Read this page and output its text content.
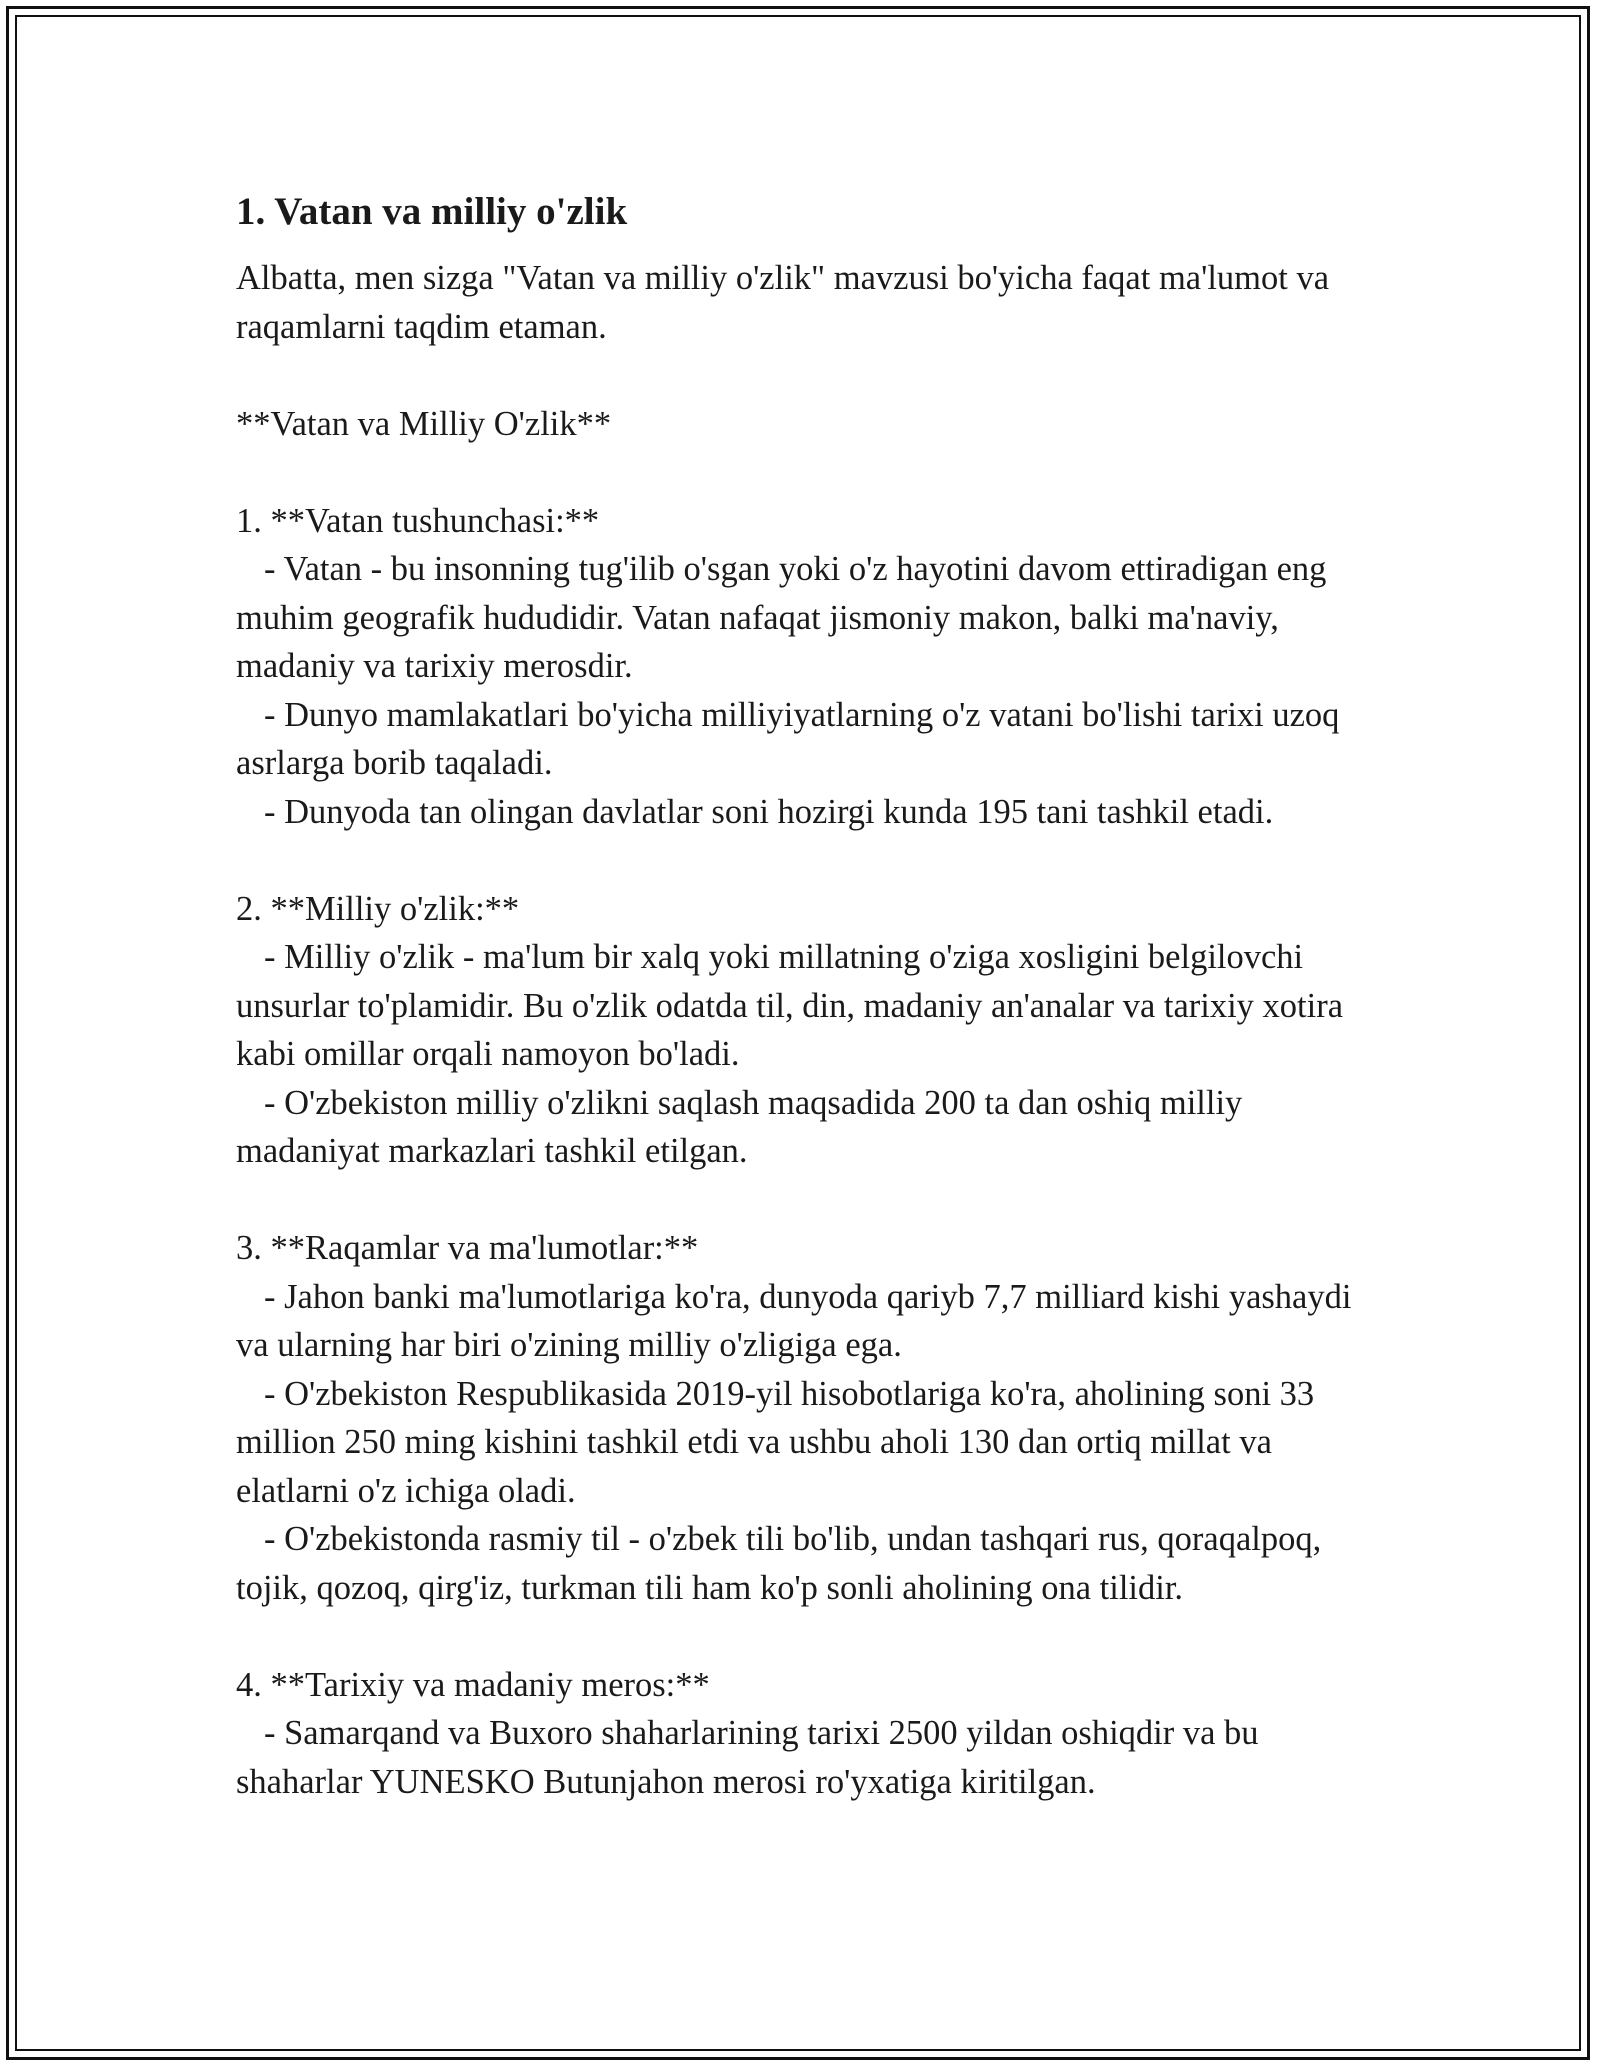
1. Vatan va milliy o'zlik

Albatta, men sizga "Vatan va milliy o'zlik" mavzusi bo'yicha faqat ma'lumot va raqamlarni taqdim etaman.

**Vatan va Milliy O'zlik**

1. **Vatan tushunchasi:**

- Vatan - bu insonning tug'ilib o'sgan yoki o'z hayotini davom ettiradigan eng muhim geografik hududidir. Vatan nafaqat jismoniy makon, balki ma'naviy, madaniy va tarixiy merosdir.

- Dunyo mamlakatlari bo'yicha milliyiyatlarning o'z vatani bo'lishi tarixi uzoq asrlarga borib taqaladi.

- Dunyoda tan olingan davlatlar soni hozirgi kunda 195 tani tashkil etadi.

2. **Milliy o'zlik:**

- Milliy o'zlik - ma'lum bir xalq yoki millatning o'ziga xosligini belgilovchi unsurlar to'plamidir. Bu o'zlik odatda til, din, madaniy an'analar va tarixiy xotira kabi omillar orqali namoyon bo'ladi.

- O'zbekiston milliy o'zlikni saqlash maqsadida 200 ta dan oshiq milliy madaniyat markazlari tashkil etilgan.

3. **Raqamlar va ma'lumotlar:**

- Jahon banki ma'lumotlariga ko'ra, dunyoda qariyb 7,7 milliard kishi yashaydi va ularning har biri o'zining milliy o'zligiga ega.

- O'zbekiston Respublikasida 2019-yil hisobotlariga ko'ra, aholining soni 33 million 250 ming kishini tashkil etdi va ushbu aholi 130 dan ortiq millat va elatlarni o'z ichiga oladi.

- O'zbekistonda rasmiy til - o'zbek tili bo'lib, undan tashqari rus, qoraqalpoq, tojik, qozoq, qirg'iz, turkman tili ham ko'p sonli aholining ona tilidir.

4. **Tarixiy va madaniy meros:**

- Samarqand va Buxoro shaharlarining tarixi 2500 yildan oshiqdir va bu shaharlar YUNESKO Butunjahon merosi ro'yxatiga kiritilgan.
